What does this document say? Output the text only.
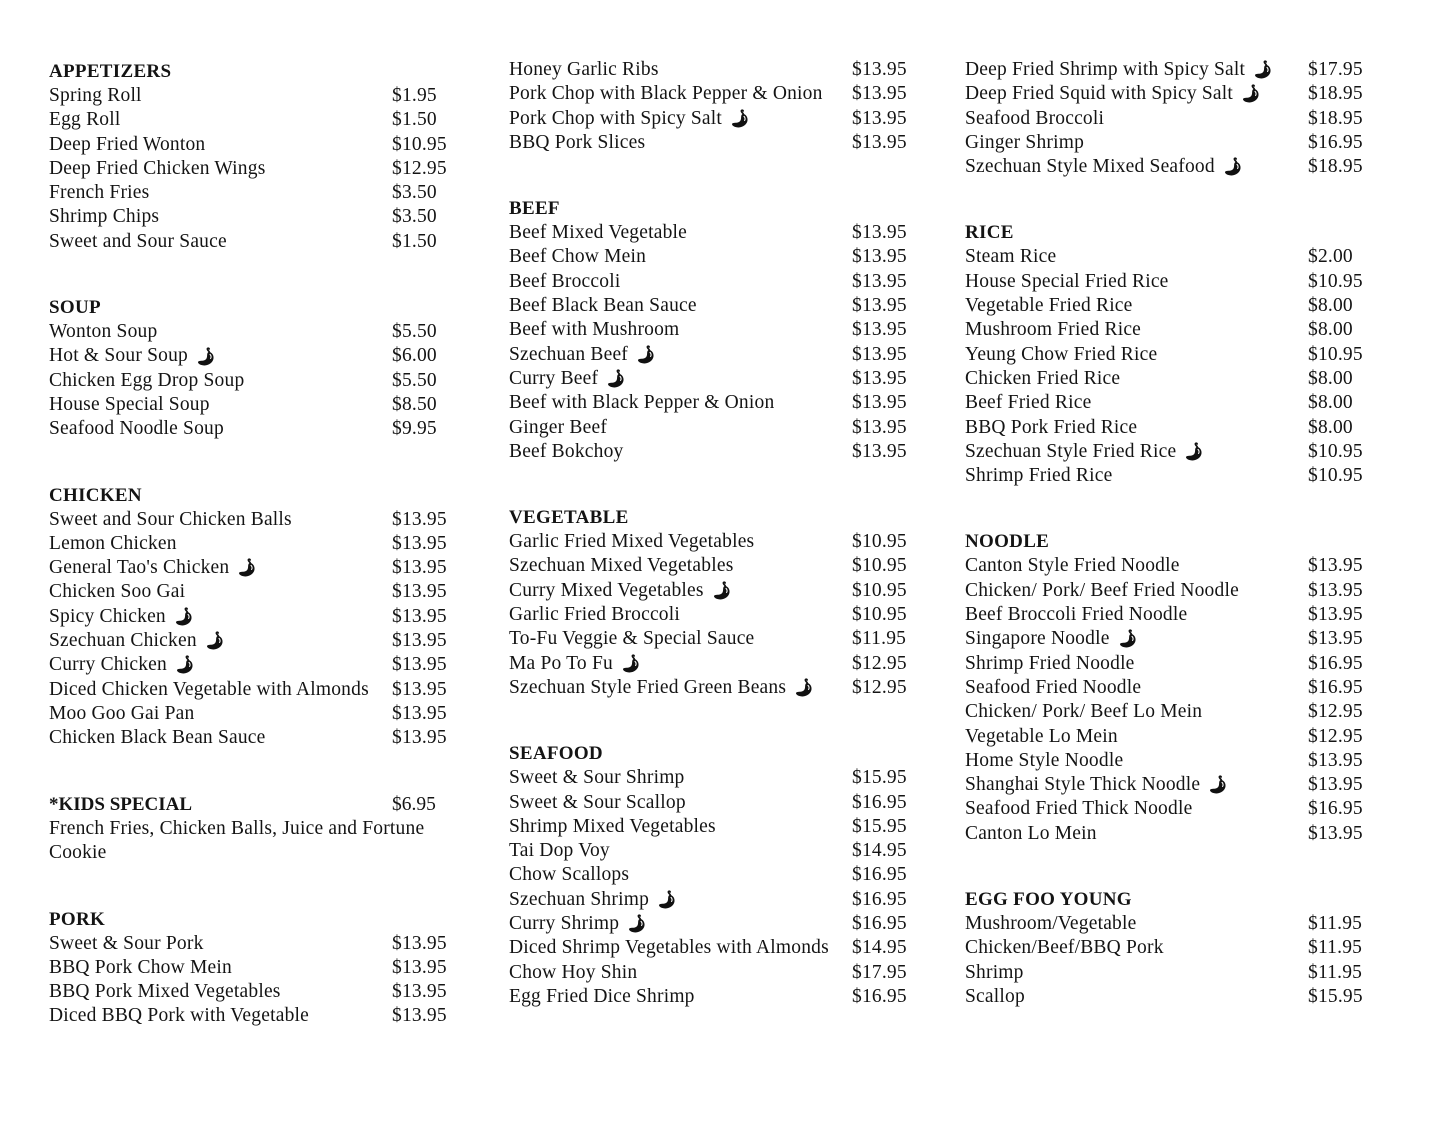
APPETIZERS
Spring Roll	$1.95
Egg Roll	$1.50
Deep Fried Wonton	$10.95
Deep Fried Chicken Wings	$12.95
French Fries	$3.50
Shrimp Chips	$3.50
Sweet and Sour Sauce	$1.50
SOUP
Wonton Soup	$5.50
Hot & Sour Soup	$6.00
Chicken Egg Drop Soup	$5.50
House Special Soup	$8.50
Seafood Noodle Soup	$9.95
CHICKEN
Sweet and Sour Chicken Balls	$13.95
Lemon Chicken	$13.95
General Tao's Chicken	$13.95
Chicken Soo Gai	$13.95
Spicy Chicken	$13.95
Szechuan Chicken	$13.95
Curry Chicken	$13.95
Diced Chicken Vegetable with Almonds $13.95
Moo Goo Gai Pan	$13.95
Chicken Black Bean Sauce	$13.95
*KIDS SPECIAL	$6.95
French Fries, Chicken Balls, Juice and Fortune Cookie
PORK
Sweet & Sour Pork	$13.95
BBQ Pork Chow Mein	$13.95
BBQ Pork Mixed Vegetables	$13.95
Diced BBQ Pork with Vegetable	$13.95
Honey Garlic Ribs	$13.95
Pork Chop with Black Pepper & Onion $13.95
Pork Chop with Spicy Salt	$13.95
BBQ Pork Slices	$13.95
BEEF
Beef Mixed Vegetable	$13.95
Beef Chow Mein	$13.95
Beef Broccoli	$13.95
Beef Black Bean Sauce	$13.95
Beef with Mushroom	$13.95
Szechuan Beef	$13.95
Curry Beef	$13.95
Beef with Black Pepper & Onion	$13.95
Ginger Beef	$13.95
Beef Bokchoy	$13.95
VEGETABLE
Garlic Fried Mixed Vegetables	$10.95
Szechuan Mixed Vegetables	$10.95
Curry Mixed Vegetables	$10.95
Garlic Fried Broccoli	$10.95
To-Fu Veggie & Special Sauce	$11.95
Ma Po To Fu	$12.95
Szechuan Style Fried Green Beans	$12.95
SEAFOOD
Sweet & Sour Shrimp	$15.95
Sweet & Sour Scallop	$16.95
Shrimp Mixed Vegetables	$15.95
Tai Dop Voy	$14.95
Chow Scallops	$16.95
Szechuan Shrimp	$16.95
Curry Shrimp	$16.95
Diced Shrimp Vegetables with Almonds $14.95
Chow Hoy Shin	$17.95
Egg Fried Dice Shrimp	$16.95
Deep Fried Shrimp with Spicy Salt	$17.95
Deep Fried Squid with Spicy Salt	$18.95
Seafood Broccoli	$18.95
Ginger Shrimp	$16.95
Szechuan Style Mixed Seafood	$18.95
RICE
Steam Rice	$2.00
House Special Fried Rice	$10.95
Vegetable Fried Rice	$8.00
Mushroom Fried Rice	$8.00
Yeung Chow Fried Rice	$10.95
Chicken Fried Rice	$8.00
Beef Fried Rice	$8.00
BBQ Pork Fried Rice	$8.00
Szechuan Style Fried Rice	$10.95
Shrimp Fried Rice	$10.95
NOODLE
Canton Style Fried Noodle	$13.95
Chicken/ Pork/ Beef Fried Noodle	$13.95
Beef Broccoli Fried Noodle	$13.95
Singapore Noodle	$13.95
Shrimp Fried Noodle	$16.95
Seafood Fried Noodle	$16.95
Chicken/ Pork/ Beef Lo Mein	$12.95
Vegetable Lo Mein	$12.95
Home Style Noodle	$13.95
Shanghai Style Thick Noodle	$13.95
Seafood Fried Thick Noodle	$16.95
Canton Lo Mein	$13.95
EGG FOO YOUNG
Mushroom/Vegetable	$11.95
Chicken/Beef/BBQ Pork	$11.95
Shrimp	$11.95
Scallop	$15.95
